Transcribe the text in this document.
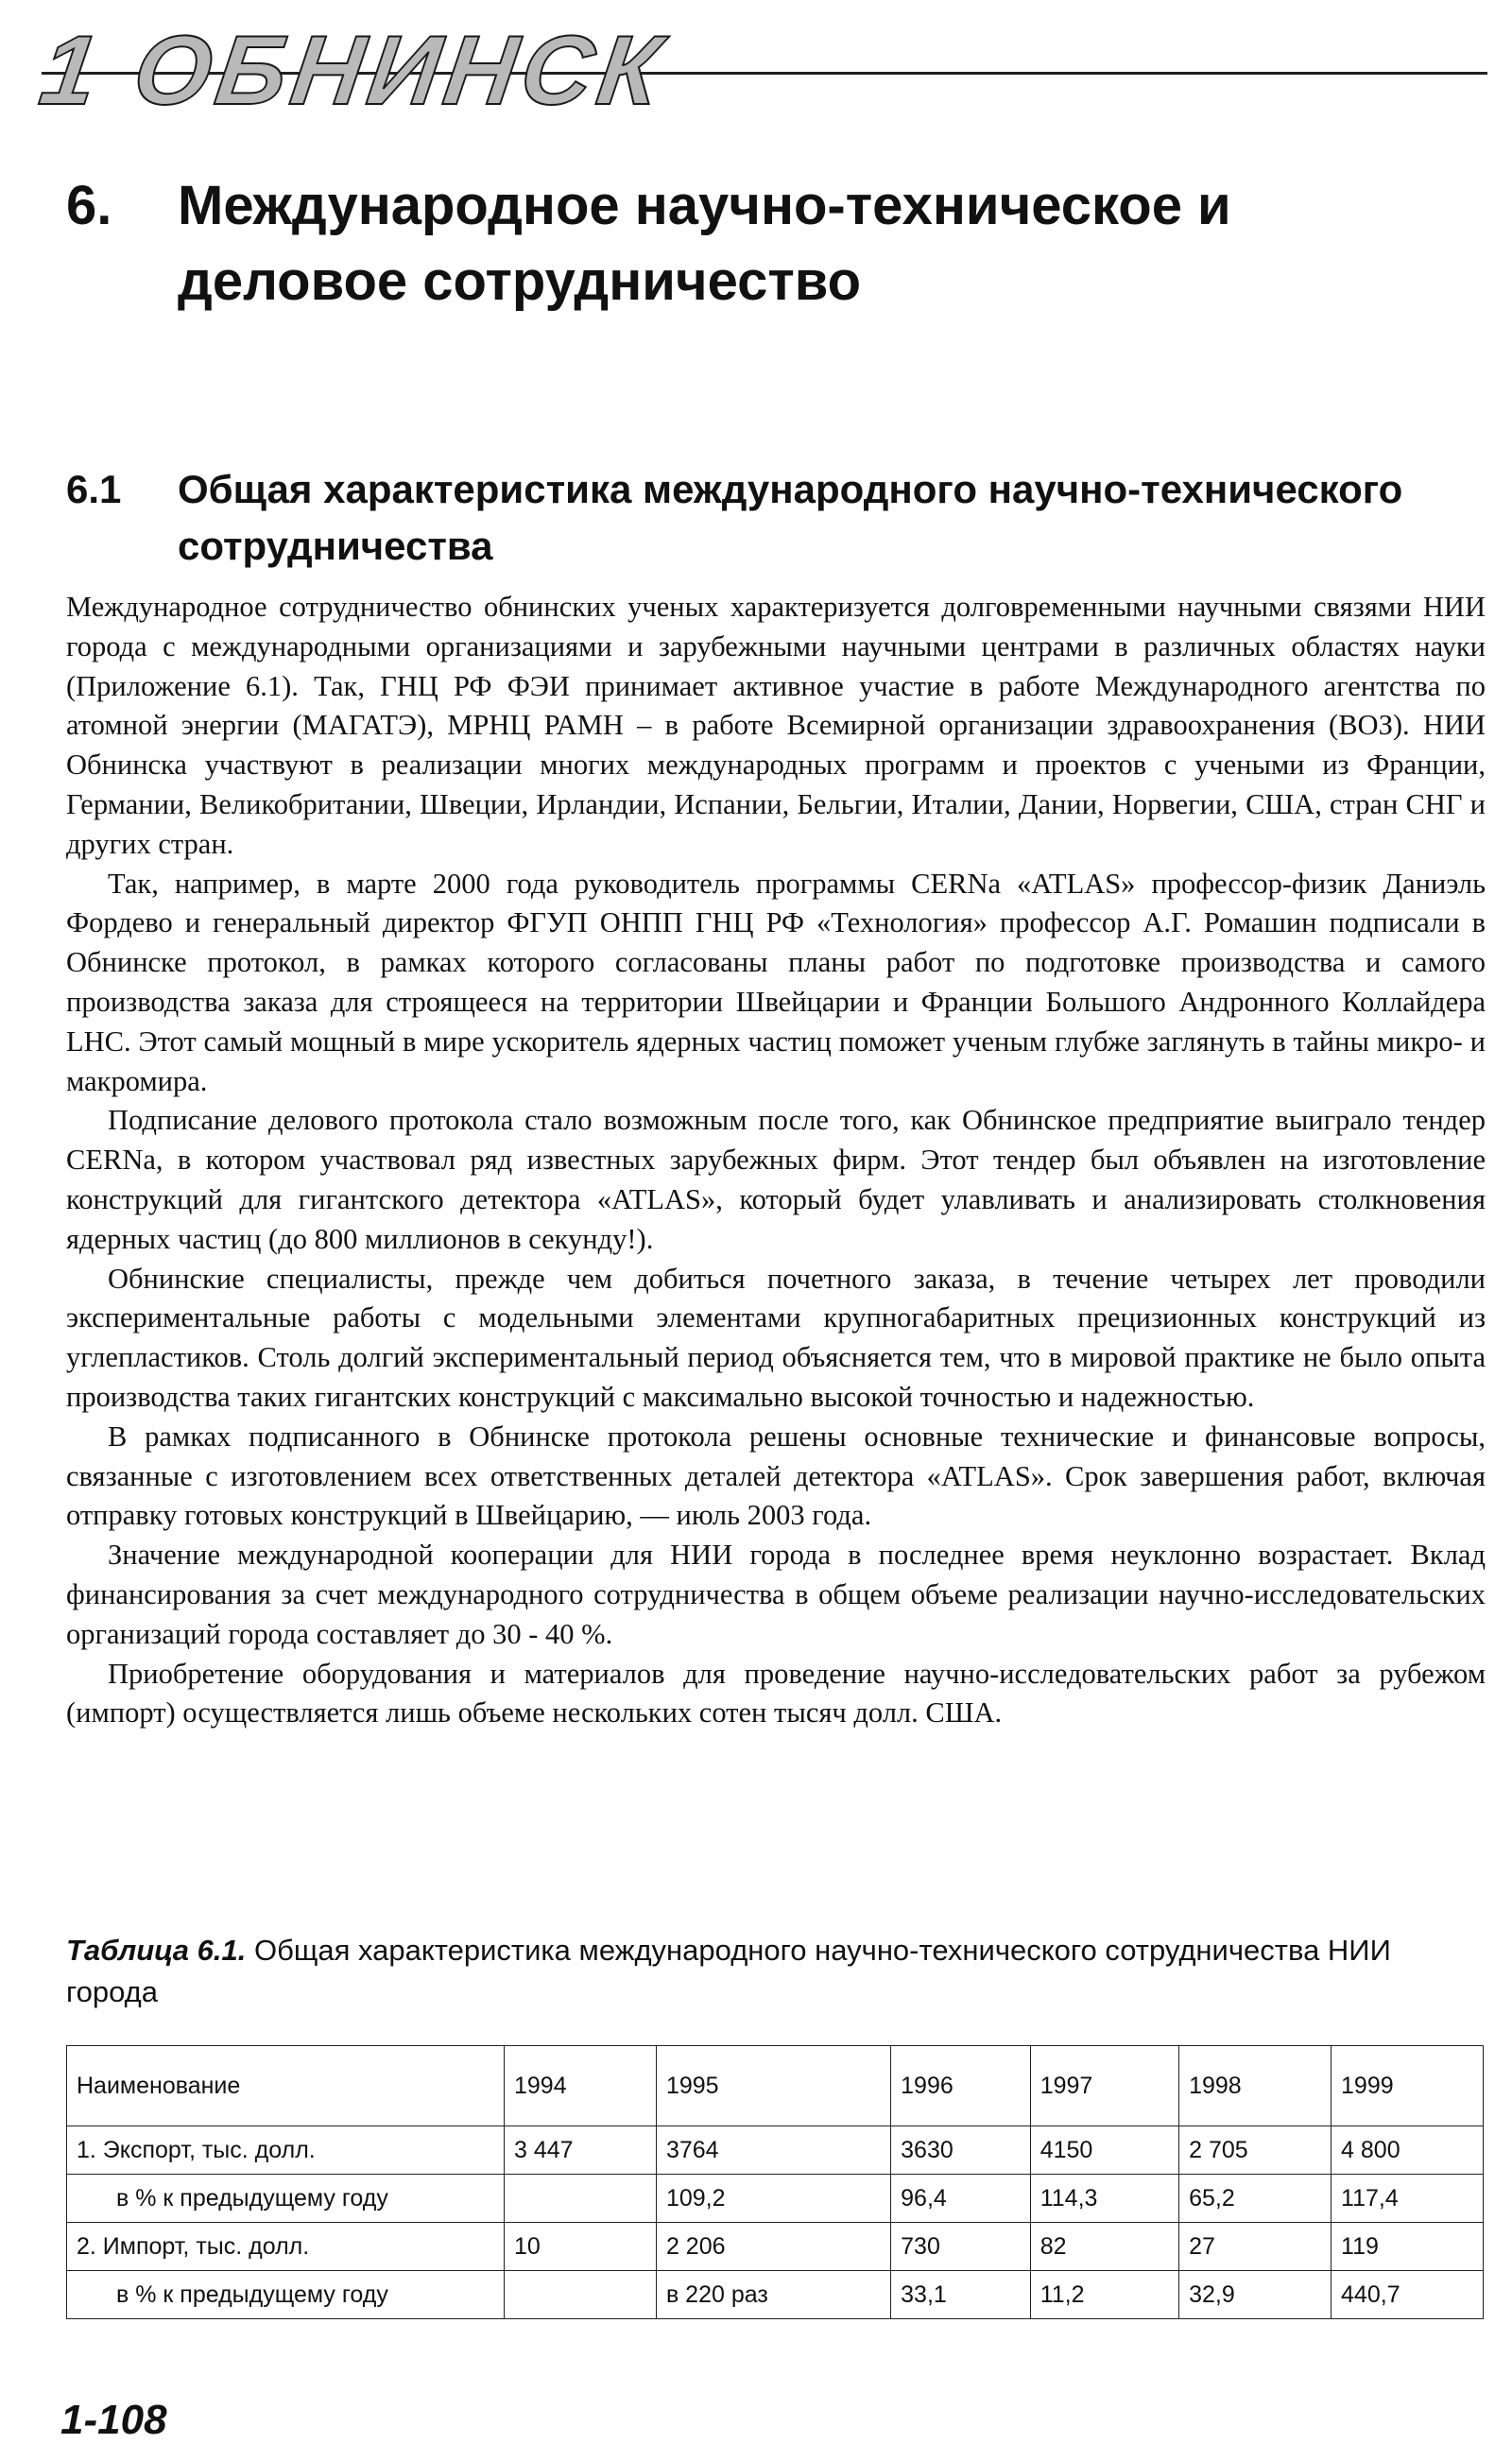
1 ОБНИНСК
6. Международное научно-техническое и
деловое сотрудничество
6.1 Общая характеристика международного научно-технического
сотрудничества

Международное сотрудничество обнинских ученых характеризуется долговременными научными связями НИИ города с международными организациями и зарубежными научными центрами в различных областях науки (Приложение 6.1). Так, ГНЦ РФ ФЭИ принимает активное участие в работе Международного агентства по атомной энергии (МАГАТЭ), МРНЦ РАМН – в работе Всемирной организации здравоохранения (ВОЗ). НИИ Обнинска участвуют в реализации многих международных программ и проектов с учеными из Франции, Германии, Великобритании, Швеции, Ирландии, Испании, Бельгии, Италии, Дании, Норвегии, США, стран СНГ и других стран.

Так, например, в марте 2000 года руководитель программы CERNa «ATLAS» профессор-физик Даниэль Фордево и генеральный директор ФГУП ОНПП ГНЦ РФ «Технология» профессор А.Г. Ромашин подписали в Обнинске протокол, в рамках которого согласованы планы работ по подготовке производства и самого производства заказа для строящееся на территории Швейцарии и Франции Большого Андронного Коллайдера LHC. Этот самый мощный в мире ускоритель ядерных частиц поможет ученым глубже заглянуть в тайны микро- и макромира.

Подписание делового протокола стало возможным после того, как Обнинское предприятие выиграло тендер CERNa, в котором участвовал ряд известных зарубежных фирм. Этот тендер был объявлен на изготовление конструкций для гигантского детектора «ATLAS», который будет улавливать и анализировать столкновения ядерных частиц (до 800 миллионов в секунду!).

Обнинские специалисты, прежде чем добиться почетного заказа, в течение четырех лет проводили экспериментальные работы с модельными элементами крупногабаритных прецизионных конструкций из углепластиков. Столь долгий экспериментальный период объясняется тем, что в мировой практике не было опыта производства таких гигантских конструкций с максимально высокой точностью и надежностью.

В рамках подписанного в Обнинске протокола решены основные технические и финансовые вопросы, связанные с изготовлением всех ответственных деталей детектора «ATLAS». Срок завершения работ, включая отправку готовых конструкций в Швейцарию, — июль 2003 года.

Значение международной кооперации для НИИ города в последнее время неуклонно возрастает. Вклад финансирования за счет международного сотрудничества в общем объеме реализации научно-исследовательских организаций города составляет до 30 - 40 %.

Приобретение оборудования и материалов для проведение научно-исследовательских работ за рубежом (импорт) осуществляется лишь объеме нескольких сотен тысяч долл. США.

Таблица 6.1. Общая характеристика международного научно-технического сотрудничества НИИ города
Наименование	1994	1995	1996	1997	1998	1999
1. Экспорт, тыс. долл.	3 447	3764	3630	4150	2 705	4 800
в % к предыдущему году		109,2	96,4	114,3	65,2	117,4
2. Импорт, тыс. долл.	10	2 206	730	82	27	119
в % к предыдущему году		в 220 раз	33,1	11,2	32,9	440,7
1-108
